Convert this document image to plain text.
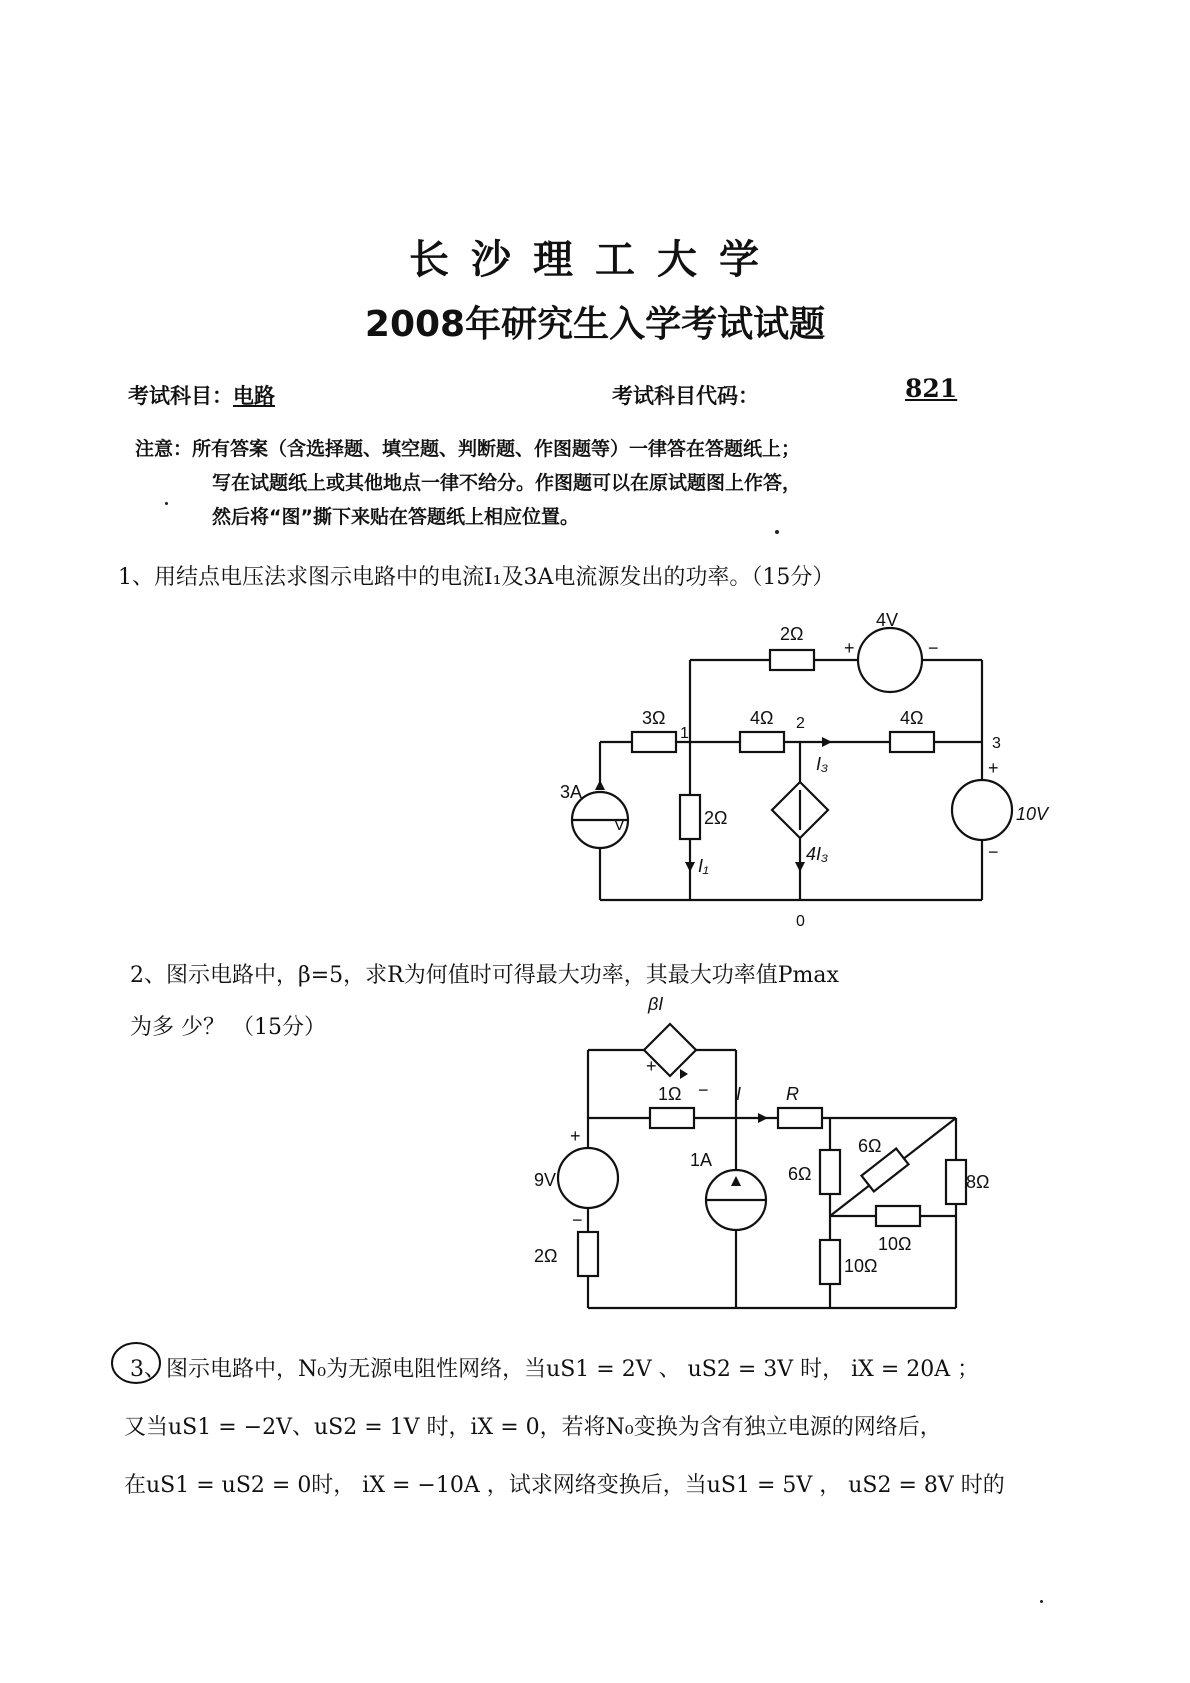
长沙理工大学
2008年研究生入学考试试题
考试科目：电路	考试科目代码：	821
注意：所有答案（含选择题、填空题、判断题、作图题等）一律答在答题纸上；
写在试题纸上或其他地点一律不给分。作图题可以在原试题图上作答，
然后将“图”撕下来贴在答题纸上相应位置。
1、用结点电压法求图示电路中的电流I₁及3A电流源发出的功率。（15分）
2Ω
4V
+	−
3Ω
1
4Ω 2	4Ω
3
3A
V	2Ω
I₁
I₃
4I₃
+
−
10V
0
2、图示电路中，β=5，求R为何值时可得最大功率，其最大功率值Pmax
为多 少？ （15分）
βI
1Ω	I R
+
−
+
−
9V
1A
2Ω
6Ω
6Ω
8Ω
10Ω
10Ω
3、图示电路中，N₀为无源电阻性网络，当uS1 = 2V 、 uS2 = 3V 时， iX = 20A ；
又当uS1 = −2V、uS2 = 1V 时，iX = 0，若将N₀变换为含有独立电源的网络后，
在uS1 = uS2 = 0时， iX = −10A ，试求网络变换后，当uS1 = 5V ， uS2 = 8V 时的
